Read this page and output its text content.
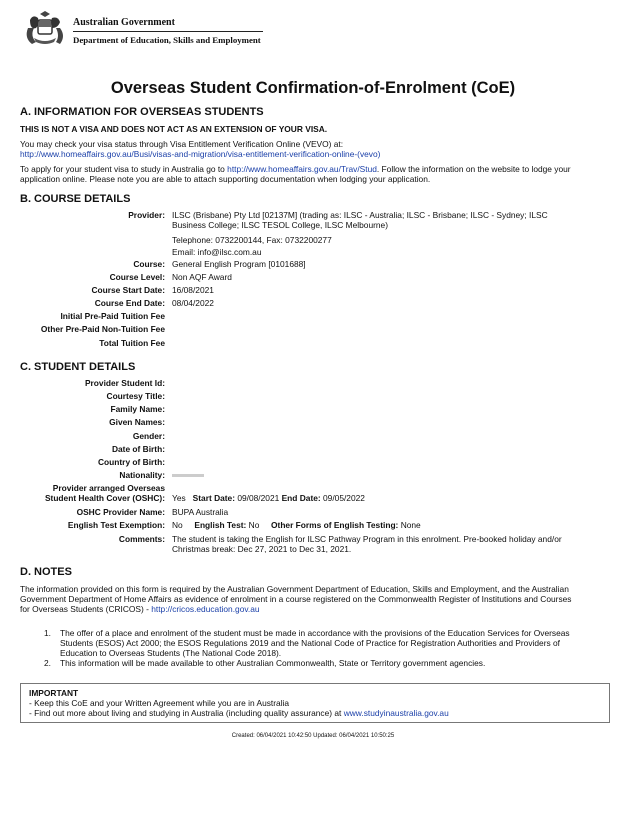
Australian Government
Department of Education, Skills and Employment
Overseas Student Confirmation-of-Enrolment (CoE)
A. INFORMATION FOR OVERSEAS STUDENTS
THIS IS NOT A VISA AND DOES NOT ACT AS AN EXTENSION OF YOUR VISA.
You may check your visa status through Visa Entitlement Verification Online (VEVO) at:
http://www.homeaffairs.gov.au/Busi/visas-and-migration/visa-entitlement-verification-online-(vevo)
To apply for your student visa to study in Australia go to http://www.homeaffairs.gov.au/Trav/Stud. Follow the information on the website to lodge your
application online. Please note you are able to attach supporting documentation when lodging your application.
B. COURSE DETAILS
Provider: ILSC (Brisbane) Pty Ltd [02137M] (trading as: ILSC - Australia; ILSC - Brisbane; ILSC - Sydney; ILSC
Business College; ILSC TESOL College, ILSC Melbourne)
Telephone: 0732200144, Fax: 0732200277
Email: info@ilsc.com.au
Course: General English Program [0101688]
Course Level: Non AQF Award
Course Start Date: 16/08/2021
Course End Date: 08/04/2022
Initial Pre-Paid Tuition Fee
Other Pre-Paid Non-Tuition Fee
Total Tuition Fee
C. STUDENT DETAILS
Provider Student Id:
Courtesy Title:
Family Name:
Given Names:
Gender:
Date of Birth:
Country of Birth:
Nationality:
Provider arranged Overseas
Student Health Cover (OSHC): Yes Start Date: 09/08/2021 End Date: 09/05/2022
OSHC Provider Name: BUPA Australia
English Test Exemption: No English Test: No Other Forms of English Testing: None
Comments: The student is taking the English for ILSC Pathway Program in this enrolment. Pre-booked holiday and/or
Christmas break: Dec 27, 2021 to Dec 31, 2021.
D. NOTES
The information provided on this form is required by the Australian Government Department of Education, Skills and Employment, and the Australian
Government Department of Home Affairs as evidence of enrolment in a course registered on the Commonwealth Register of Institutions and Courses
for Overseas Students (CRICOS) - http://cricos.education.gov.au
1. The offer of a place and enrolment of the student must be made in accordance with the provisions of the Education Services for Overseas
Students (ESOS) Act 2000; the ESOS Regulations 2019 and the National Code of Practice for Registration Authorities and Providers of
Education to Overseas Students (The National Code 2018).
2. This information will be made available to other Australian Commonwealth, State or Territory government agencies.
IMPORTANT
- Keep this CoE and your Written Agreement while you are in Australia
- Find out more about living and studying in Australia (including quality assurance) at www.studyinaustralia.gov.au
Created: 06/04/2021 10:42:50 Updated: 06/04/2021 10:50:25
